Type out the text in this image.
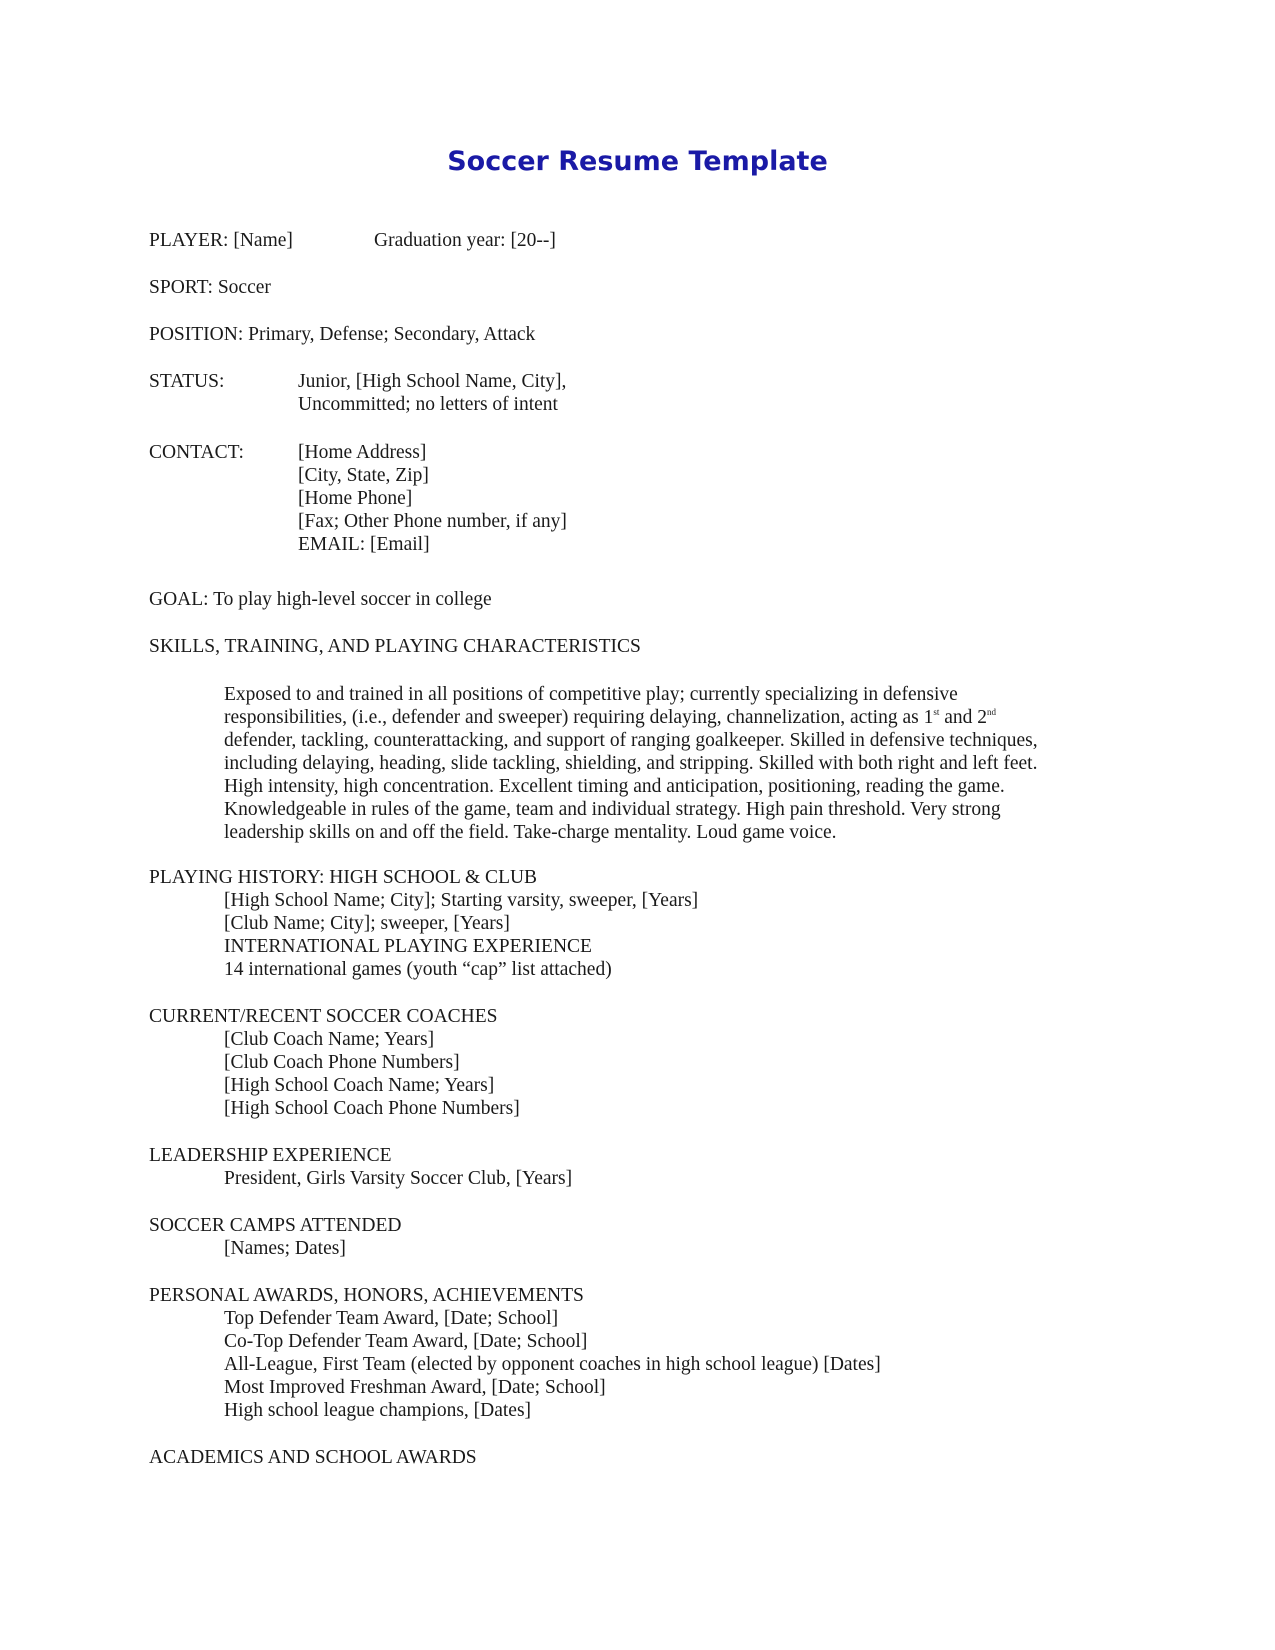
Soccer Resume Template
PLAYER: [Name]	Graduation year: [20--]
SPORT: Soccer
POSITION: Primary, Defense; Secondary, Attack
STATUS:	Junior, [High School Name, City],
Uncommitted; no letters of intent
CONTACT:	[Home Address]
[City, State, Zip]
[Home Phone]
[Fax; Other Phone number, if any]
EMAIL: [Email]
GOAL: To play high-level soccer in college
SKILLS, TRAINING, AND PLAYING CHARACTERISTICS
Exposed to and trained in all positions of competitive play; currently specializing in defensive
responsibilities, (i.e., defender and sweeper) requiring delaying, channelization, acting as 1st and 2nd
defender, tackling, counterattacking, and support of ranging goalkeeper. Skilled in defensive techniques,
including delaying, heading, slide tackling, shielding, and stripping. Skilled with both right and left feet.
High intensity, high concentration. Excellent timing and anticipation, positioning, reading the game.
Knowledgeable in rules of the game, team and individual strategy. High pain threshold. Very strong
leadership skills on and off the field. Take-charge mentality. Loud game voice.
PLAYING HISTORY: HIGH SCHOOL & CLUB
[High School Name; City]; Starting varsity, sweeper, [Years]
[Club Name; City]; sweeper, [Years]
INTERNATIONAL PLAYING EXPERIENCE
14 international games (youth “cap” list attached)
CURRENT/RECENT SOCCER COACHES
[Club Coach Name; Years]
[Club Coach Phone Numbers]
[High School Coach Name; Years]
[High School Coach Phone Numbers]
LEADERSHIP EXPERIENCE
President, Girls Varsity Soccer Club, [Years]
SOCCER CAMPS ATTENDED
[Names; Dates]
PERSONAL AWARDS, HONORS, ACHIEVEMENTS
Top Defender Team Award, [Date; School]
Co-Top Defender Team Award, [Date; School]
All-League, First Team (elected by opponent coaches in high school league) [Dates]
Most Improved Freshman Award, [Date; School]
High school league champions, [Dates]
ACADEMICS AND SCHOOL AWARDS
